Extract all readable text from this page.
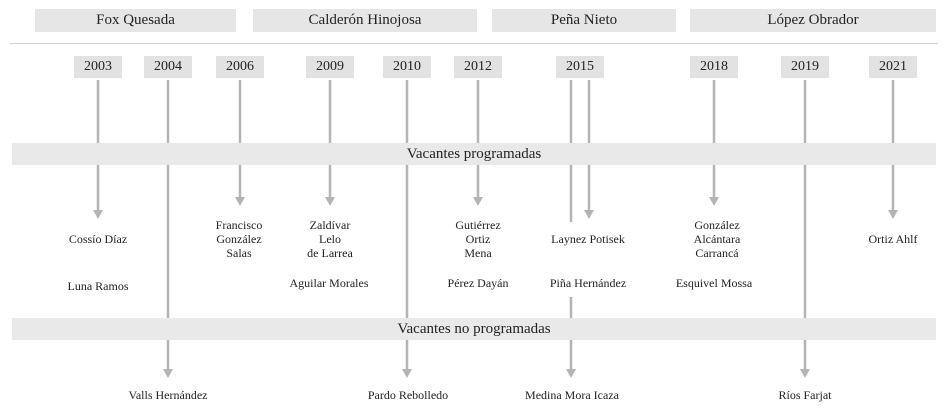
Fox Quesada	Calderón Hinojosa	Peña Nieto	López Obrador
2003	2004	2006	2009	2010	2012	2015	2018	2019	2021
Vacantes programadas
Vacantes no programadas
Cossío Díaz
Francisco
González
Salas
Zaldívar
Lelo
de Larrea
Gutiérrez
Ortiz
Mena
Laynez Potisek
González
Alcántara
Carrancá
Ortiz Ahlf
Luna Ramos	Aguilar Morales	Pérez Dayán	Piña Hernández	Esquivel Mossa
Valls Hernández	Pardo Rebolledo	Medina Mora Icaza	Ríos Farjat
